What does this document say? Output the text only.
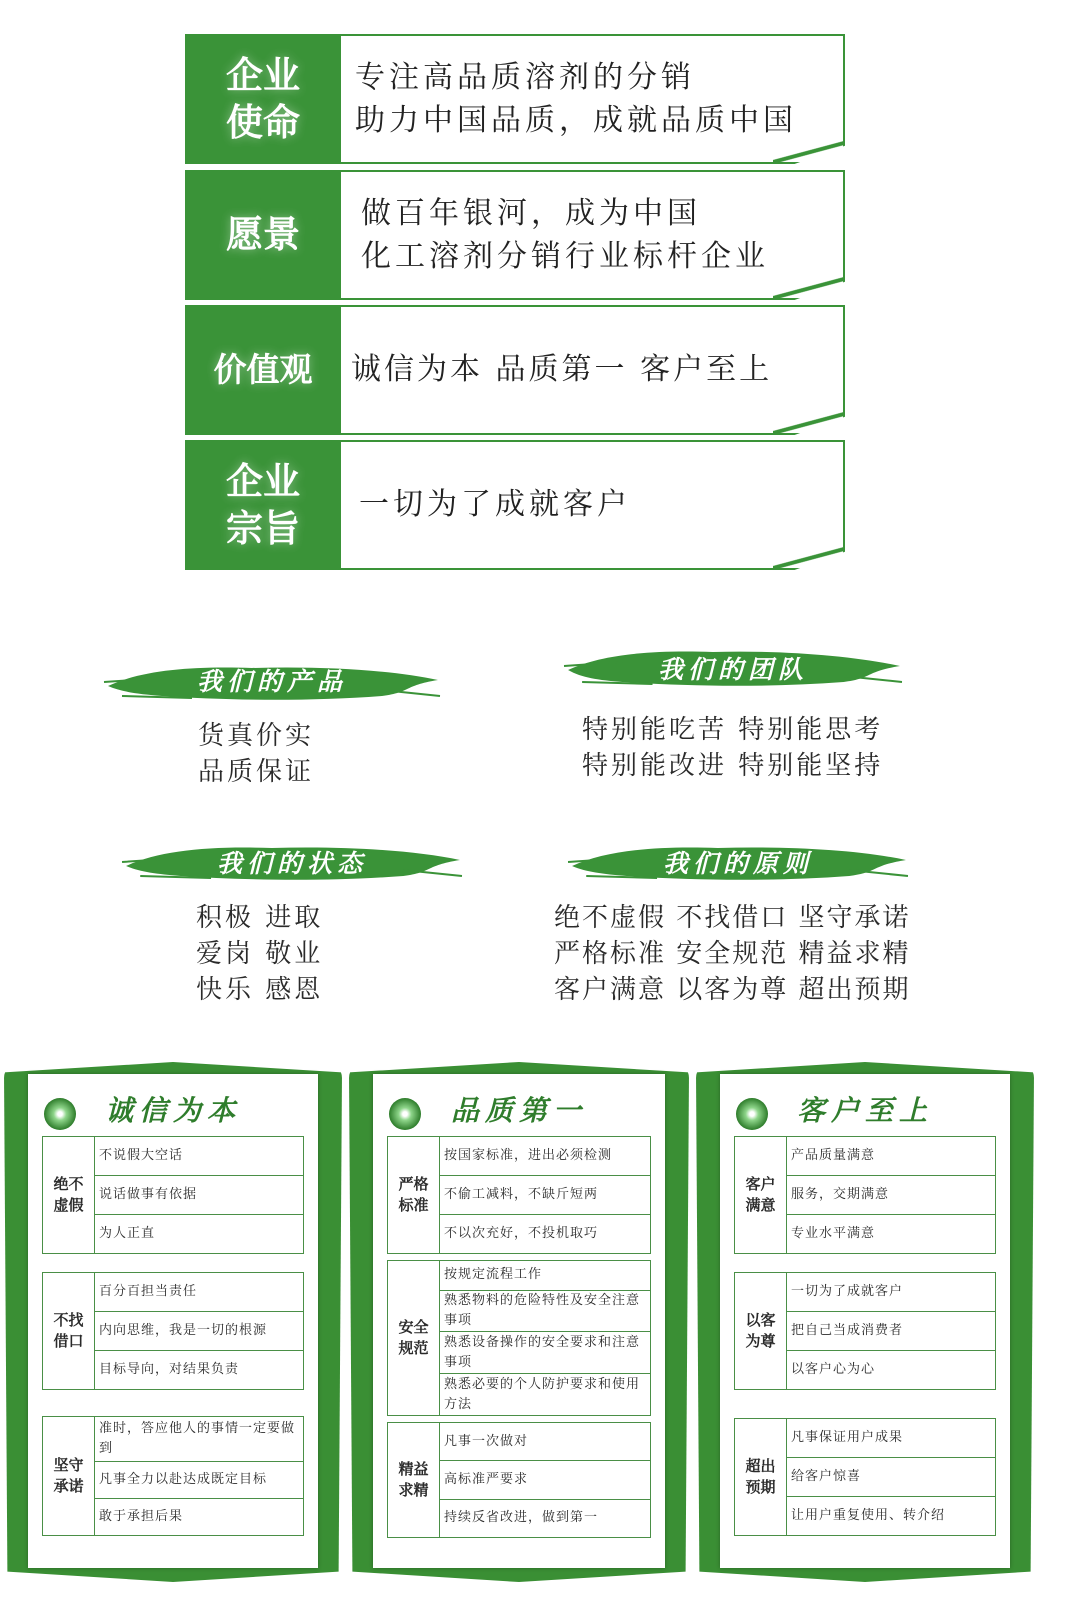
企业
使命
专注高品质溶剂的分销
助力中国品质，成就品质中国
愿景 做百年银河，成为中国
化工溶剂分销行业标杆企业
价值观 诚信为本 品质第一 客户至上
企业
宗旨
一切为了成就客户
我们的产品
货真价实
品质保证
我们的团队
特别能吃苦 特别能思考
特别能改进 特别能坚持
我们的状态
积极 进取
爱岗 敬业
快乐 感恩
我们的原则
绝不虚假 不找借口 坚守承诺
严格标准 安全规范 精益求精
客户满意 以客为尊 超出预期
诚信为本
绝不
虚假
不说假大空话
说话做事有依据
为人正直
不找
借口
百分百担当责任
内向思维，我是一切的根源
目标导向，对结果负责
坚守
承诺
准时，答应他人的事情一定要做到
凡事全力以赴达成既定目标
敢于承担后果
品质第一
严格
标准
按国家标准，进出必须检测
不偷工减料，不缺斤短两
不以次充好，不投机取巧
安全
规范
按规定流程工作
熟悉物料的危险特性及安全注意事项
熟悉设备操作的安全要求和注意事项
熟悉必要的个人防护要求和使用方法
精益
求精
凡事一次做对
高标准严要求
持续反省改进，做到第一
客户至上
客户
满意
产品质量满意
服务，交期满意
专业水平满意
以客
为尊
一切为了成就客户
把自己当成消费者
以客户心为心
超出
预期
凡事保证用户成果
给客户惊喜
让用户重复使用、转介绍
